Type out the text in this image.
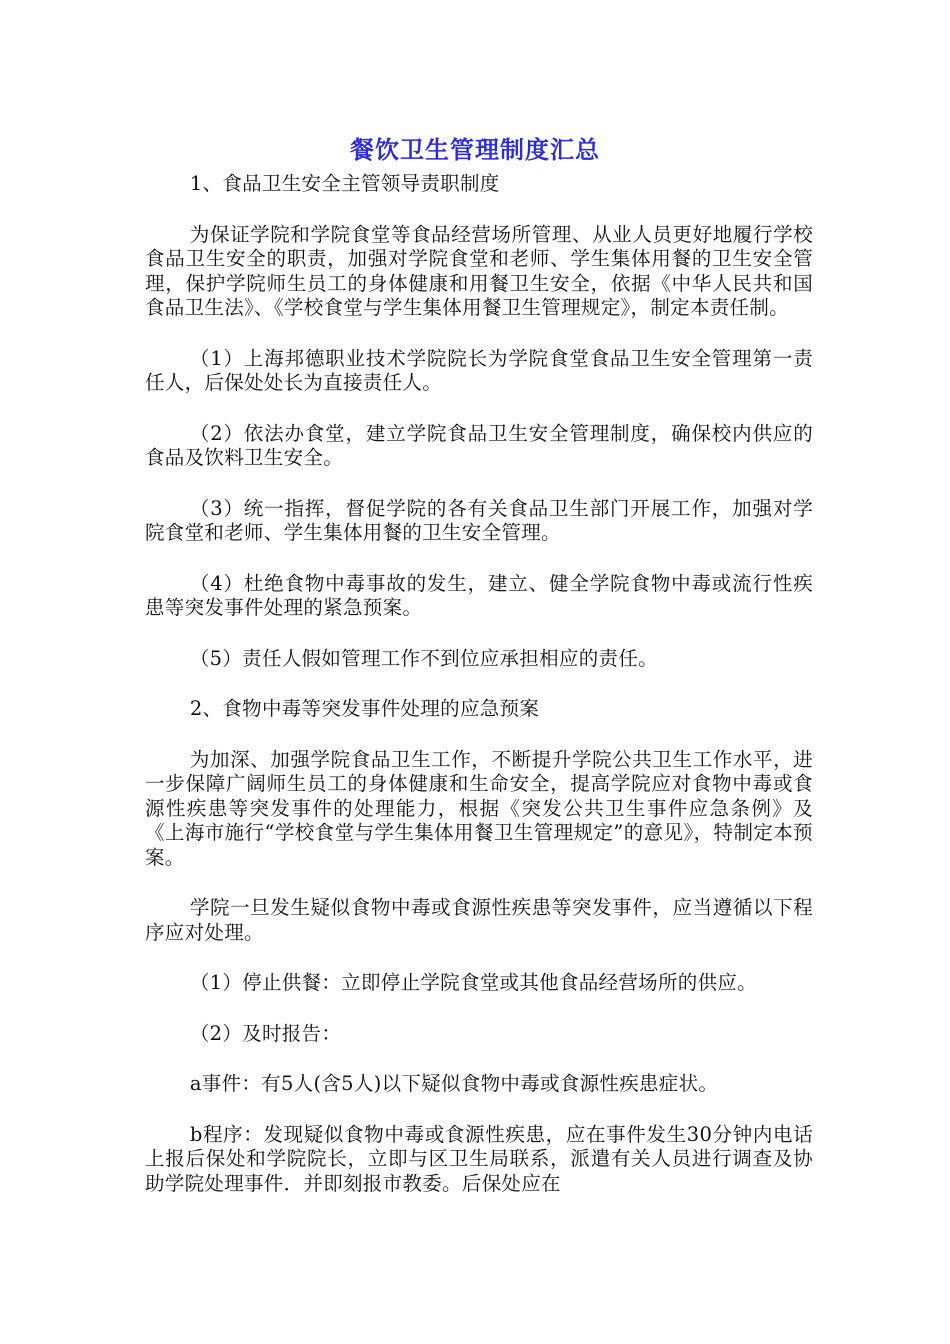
餐饮卫生管理制度汇总

1、食品卫生安全主管领导责职制度

为保证学院和学院食堂等食品经营场所管理、从业人员更好地履行学校食品卫生安全的职责，加强对学院食堂和老师、学生集体用餐的卫生安全管理，保护学院师生员工的身体健康和用餐卫生安全，依据《中华人民共和国食品卫生法》、《学校食堂与学生集体用餐卫生管理规定》，制定本责任制。

（1）上海邦德职业技术学院院长为学院食堂食品卫生安全管理第一责任人，后保处处长为直接责任人。

（2）依法办食堂，建立学院食品卫生安全管理制度，确保校内供应的食品及饮料卫生安全。

（3）统一指挥，督促学院的各有关食品卫生部门开展工作，加强对学院食堂和老师、学生集体用餐的卫生安全管理。

（4）杜绝食物中毒事故的发生，建立、健全学院食物中毒或流行性疾患等突发事件处理的紧急预案。

（5）责任人假如管理工作不到位应承担相应的责任。

2、食物中毒等突发事件处理的应急预案

为加深、加强学院食品卫生工作，不断提升学院公共卫生工作水平，进一步保障广阔师生员工的身体健康和生命安全，提高学院应对食物中毒或食源性疾患等突发事件的处理能力，根据《突发公共卫生事件应急条例》及《上海市施行“学校食堂与学生集体用餐卫生管理规定”的意见》，特制定本预案。

学院一旦发生疑似食物中毒或食源性疾患等突发事件，应当遵循以下程序应对处理。

（1）停止供餐：立即停止学院食堂或其他食品经营场所的供应。

（2）及时报告：

a事件：有5人(含5人)以下疑似食物中毒或食源性疾患症状。

b程序：发现疑似食物中毒或食源性疾患，应在事件发生30分钟内电话上报后保处和学院院长，立即与区卫生局联系，派遣有关人员进行调查及协助学院处理事件．并即刻报市教委。后保处应在
